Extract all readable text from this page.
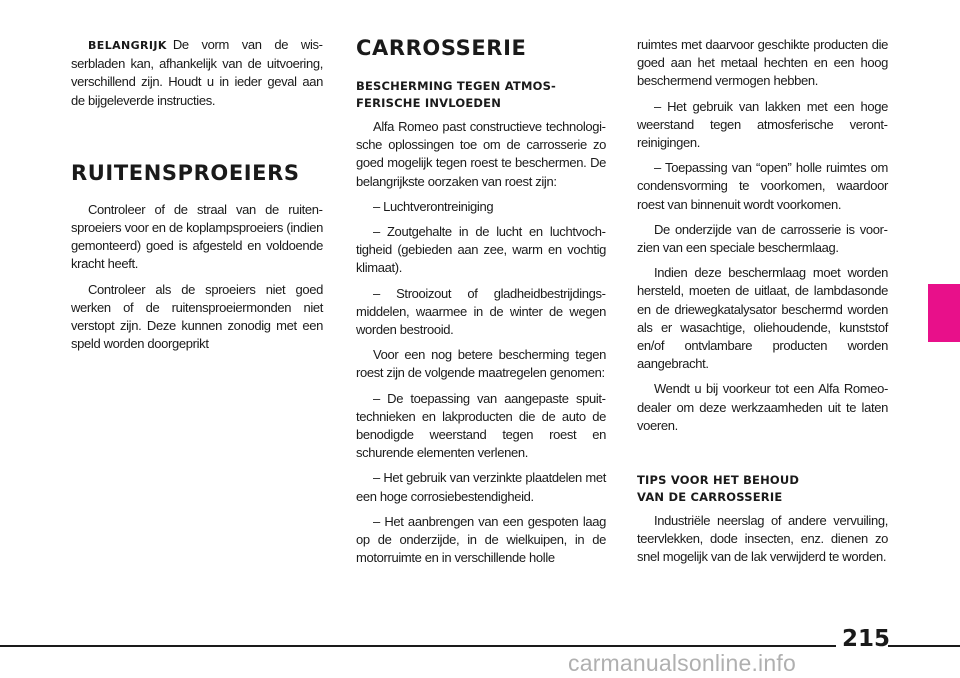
BELANGRIJK De vorm van de wisserbladen kan, afhankelijk van de uitvoering, verschillend zijn. Houdt u in ieder geval aan de bijgeleverde instructies.

RUITENSPROEIERS

Controleer of de straal van de ruitensproeiers voor en de koplampsproeiers (indien gemonteerd) goed is afgesteld en voldoende kracht heeft.

Controleer als de sproeiers niet goed werken of de ruitensproeiermonden niet verstopt zijn. Deze kunnen zonodig met een speld worden doorgeprikt

CARROSSERIE
BESCHERMING TEGEN ATMOS-
FERISCHE INVLOEDEN

Alfa Romeo past constructieve technologische oplossingen toe om de carrosserie zo goed mogelijk tegen roest te beschermen. De belangrijkste oorzaken van roest zijn:

– Luchtverontreiniging

– Zoutgehalte in de lucht en luchtvochtigheid (gebieden aan zee, warm en vochtig klimaat).

– Strooizout of gladheidbestrijdingsmiddelen, waarmee in de winter de wegen worden bestrooid.

Voor een nog betere bescherming tegen roest zijn de volgende maatregelen genomen:

– De toepassing van aangepaste spuittechnieken en lakproducten die de auto de benodigde weerstand tegen roest en schurende elementen verlenen.

– Het gebruik van verzinkte plaatdelen met een hoge corrosiebestendigheid.

– Het aanbrengen van een gespoten laag op de onderzijde, in de wielkuipen, in de motorruimte en in verschillende holle

ruimtes met daarvoor geschikte producten die goed aan het metaal hechten en een hoog beschermend vermogen hebben.

– Het gebruik van lakken met een hoge weerstand tegen atmosferische verontreinigingen.

– Toepassing van “open” holle ruimtes om condensvorming te voorkomen, waardoor roest van binnenuit wordt voorkomen.

De onderzijde van de carrosserie is voorzien van een speciale beschermlaag.

Indien deze beschermlaag moet worden hersteld, moeten de uitlaat, de lambdasonde en de driewegkatalysator beschermd worden als er wasachtige, oliehoudende, kunststof en/of ontvlambare producten worden aangebracht.

Wendt u bij voorkeur tot een Alfa Romeo-dealer om deze werkzaamheden uit te laten voeren.

TIPS VOOR HET BEHOUD
VAN DE CARROSSERIE

Industriële neerslag of andere vervuiling, teervlekken, dode insecten, enz. dienen zo snel mogelijk van de lak verwijderd te worden.

215
carmanualsonline.info
